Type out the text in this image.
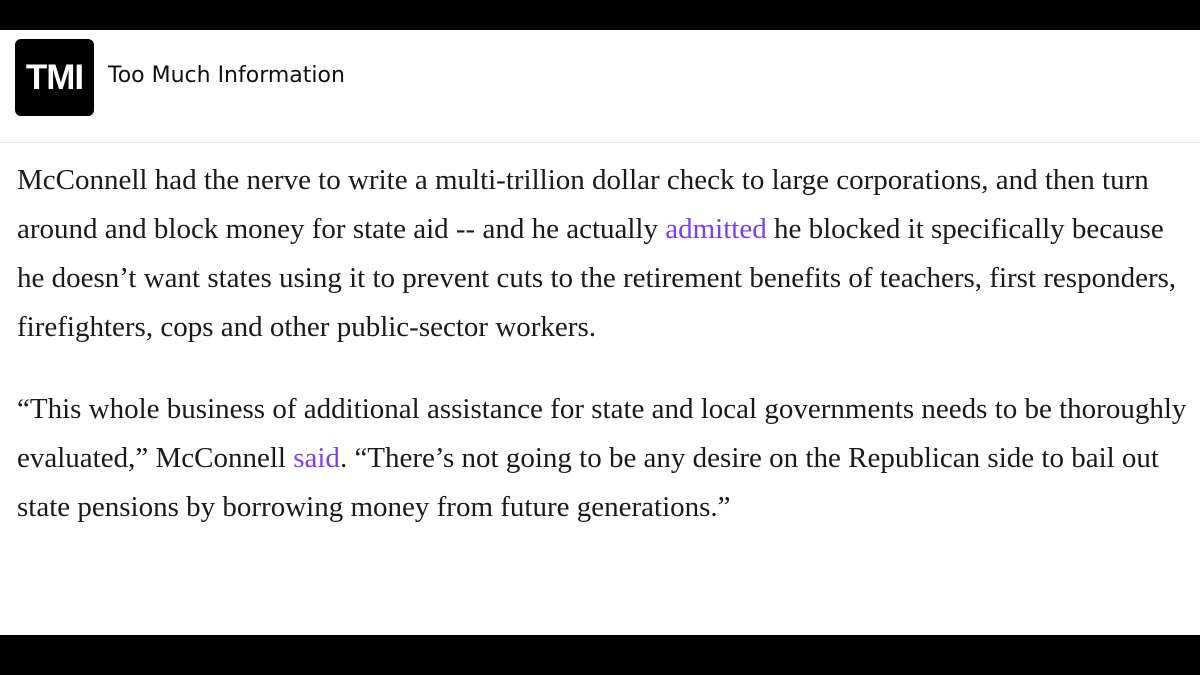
TMI Too Much Information

McConnell had the nerve to write a multi-trillion dollar check to large corporations, and then turn around and block money for state aid -- and he actually admitted he blocked it specifically because he doesn’t want states using it to prevent cuts to the retirement benefits of teachers, first responders, firefighters, cops and other public-sector workers.

“This whole business of additional assistance for state and local governments needs to be thoroughly evaluated,” McConnell said. “There’s not going to be any desire on the Republican side to bail out state pensions by borrowing money from future generations.”
